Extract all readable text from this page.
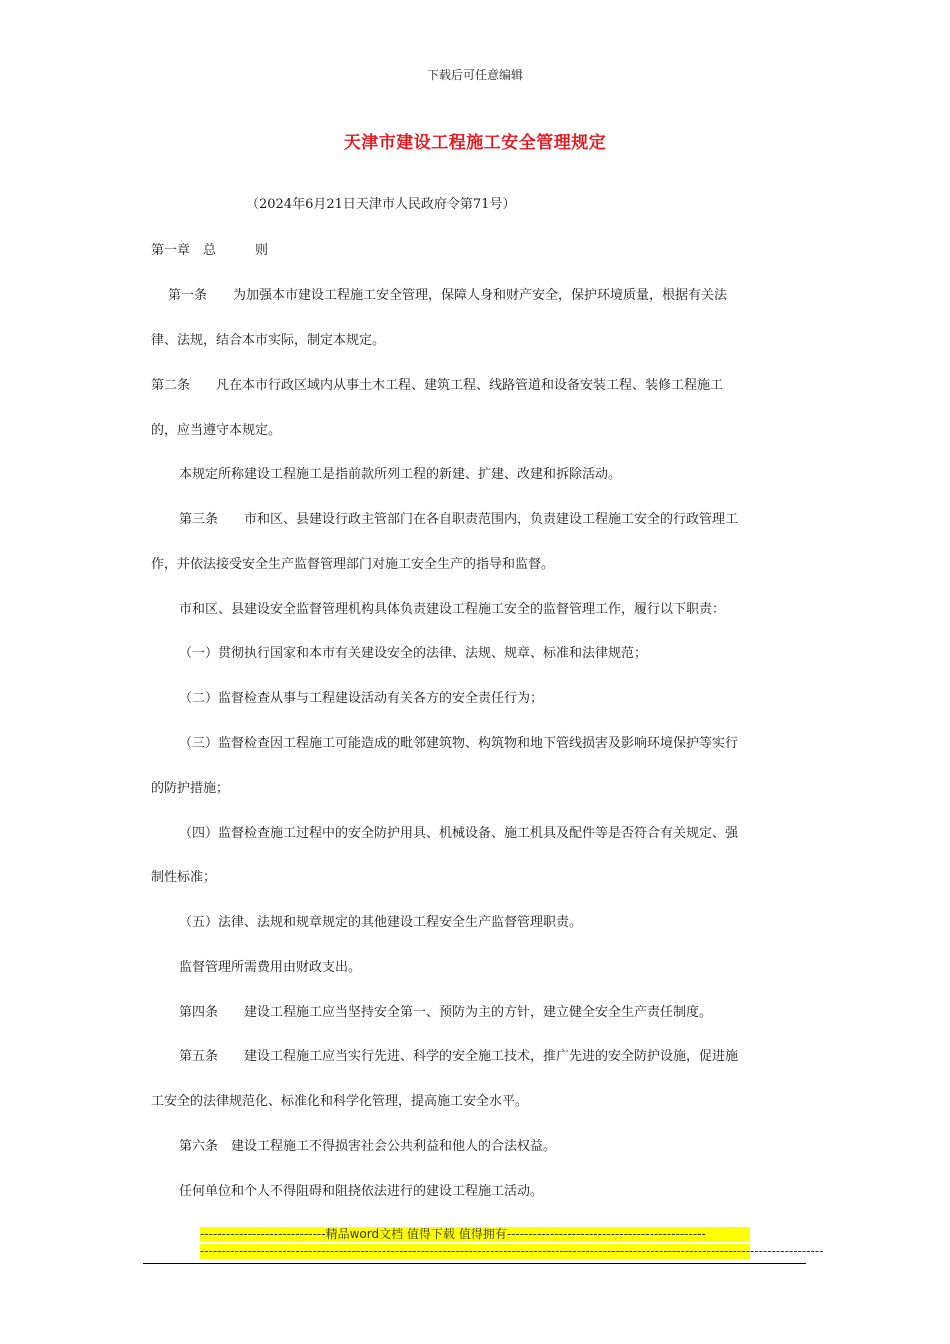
下载后可任意编辑
天津市建设工程施工安全管理规定
（2024年6月21日天津市人民政府令第71号）
第一章　总　　　则
第一条　　为加强本市建设工程施工安全管理，保障人身和财产安全，保护环境质量，根据有关法
律、法规，结合本市实际，制定本规定。
第二条　　凡在本市行政区域内从事土木工程、建筑工程、线路管道和设备安装工程、装修工程施工
的，应当遵守本规定。
本规定所称建设工程施工是指前款所列工程的新建、扩建、改建和拆除活动。
第三条　　市和区、县建设行政主管部门在各自职责范围内，负责建设工程施工安全的行政管理工
作，并依法接受安全生产监督管理部门对施工安全生产的指导和监督。
市和区、县建设安全监督管理机构具体负责建设工程施工安全的监督管理工作，履行以下职责：
（一）贯彻执行国家和本市有关建设安全的法律、法规、规章、标准和法律规范；
（二）监督检查从事与工程建设活动有关各方的安全责任行为；
（三）监督检查因工程施工可能造成的毗邻建筑物、构筑物和地下管线损害及影响环境保护等实行
的防护措施；
（四）监督检查施工过程中的安全防护用具、机械设备、施工机具及配件等是否符合有关规定、强
制性标准；
（五）法律、法规和规章规定的其他建设工程安全生产监督管理职责。
监督管理所需费用由财政支出。
第四条　　建设工程施工应当坚持安全第一、预防为主的方针，建立健全安全生产责任制度。
第五条　　建设工程施工应当实行先进、科学的安全施工技术，推广先进的安全防护设施，促进施
工安全的法律规范化、标准化和科学化管理，提高施工安全水平。
第六条　建设工程施工不得损害社会公共利益和他人的合法权益。
任何单位和个人不得阻碍和阻挠依法进行的建设工程施工活动。
-----------------------------精品word文档 值得下载 值得拥有----------------------------------------------
------------------------------------------------------------------------------------------------------------------------------------------------
